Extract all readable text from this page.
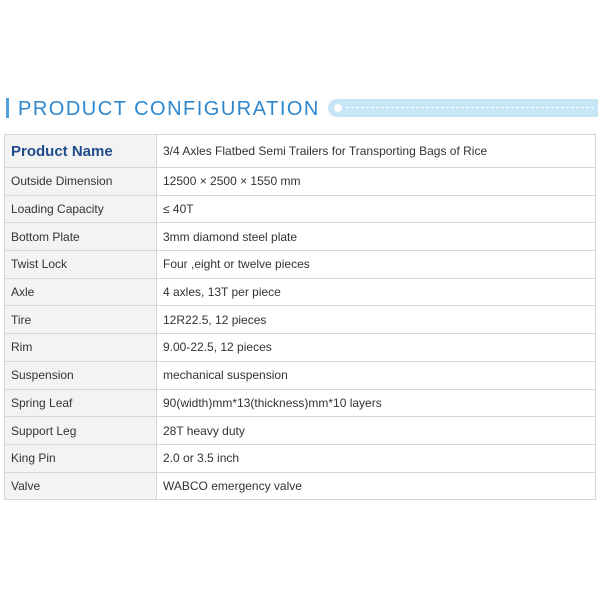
PRODUCT CONFIGURATION
Product Name	3/4 Axles Flatbed Semi Trailers for Transporting Bags of Rice
Outside Dimension	12500 × 2500 × 1550 mm
Loading Capacity	≤ 40T
Bottom Plate	3mm diamond steel plate
Twist Lock	Four ,eight or twelve pieces
Axle	4 axles, 13T per piece
Tire	12R22.5, 12 pieces
Rim	9.00-22.5, 12 pieces
Suspension	mechanical suspension
Spring Leaf	90(width)mm*13(thickness)mm*10 layers
Support Leg	28T heavy duty
King Pin	2.0 or 3.5 inch
Valve	WABCO emergency valve
